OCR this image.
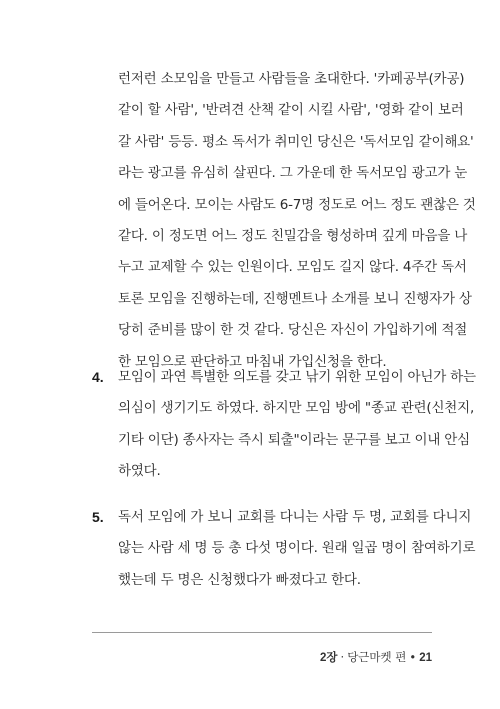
런저런 소모임을 만들고 사람들을 초대한다. '카페공부(카공)
같이 할 사람', '반려견 산책 같이 시킬 사람', '영화 같이 보러
갈 사람' 등등. 평소 독서가 취미인 당신은 '독서모임 같이해요'
라는 광고를 유심히 살핀다. 그 가운데 한 독서모임 광고가 눈
에 들어온다. 모이는 사람도 6-7명 정도로 어느 정도 괜찮은 것
같다. 이 정도면 어느 정도 친밀감을 형성하며 깊게 마음을 나
누고 교제할 수 있는 인원이다. 모임도 길지 않다. 4주간 독서
토론 모임을 진행하는데, 진행멘트나 소개를 보니 진행자가 상
당히 준비를 많이 한 것 같다. 당신은 자신이 가입하기에 적절
한 모임으로 판단하고 마침내 가입신청을 한다.

4. 모임이 과연 특별한 의도를 갖고 낚기 위한 모임이 아닌가 하는
의심이 생기기도 하였다. 하지만 모임 방에 "종교 관련(신천지,
기타 이단) 종사자는 즉시 퇴출"이라는 문구를 보고 이내 안심
하였다.

5. 독서 모임에 가 보니 교회를 다니는 사람 두 명, 교회를 다니지
않는 사람 세 명 등 총 다섯 명이다. 원래 일곱 명이 참여하기로
했는데 두 명은 신청했다가 빠졌다고 한다.

2장 · 당근마켓 편 • 21
